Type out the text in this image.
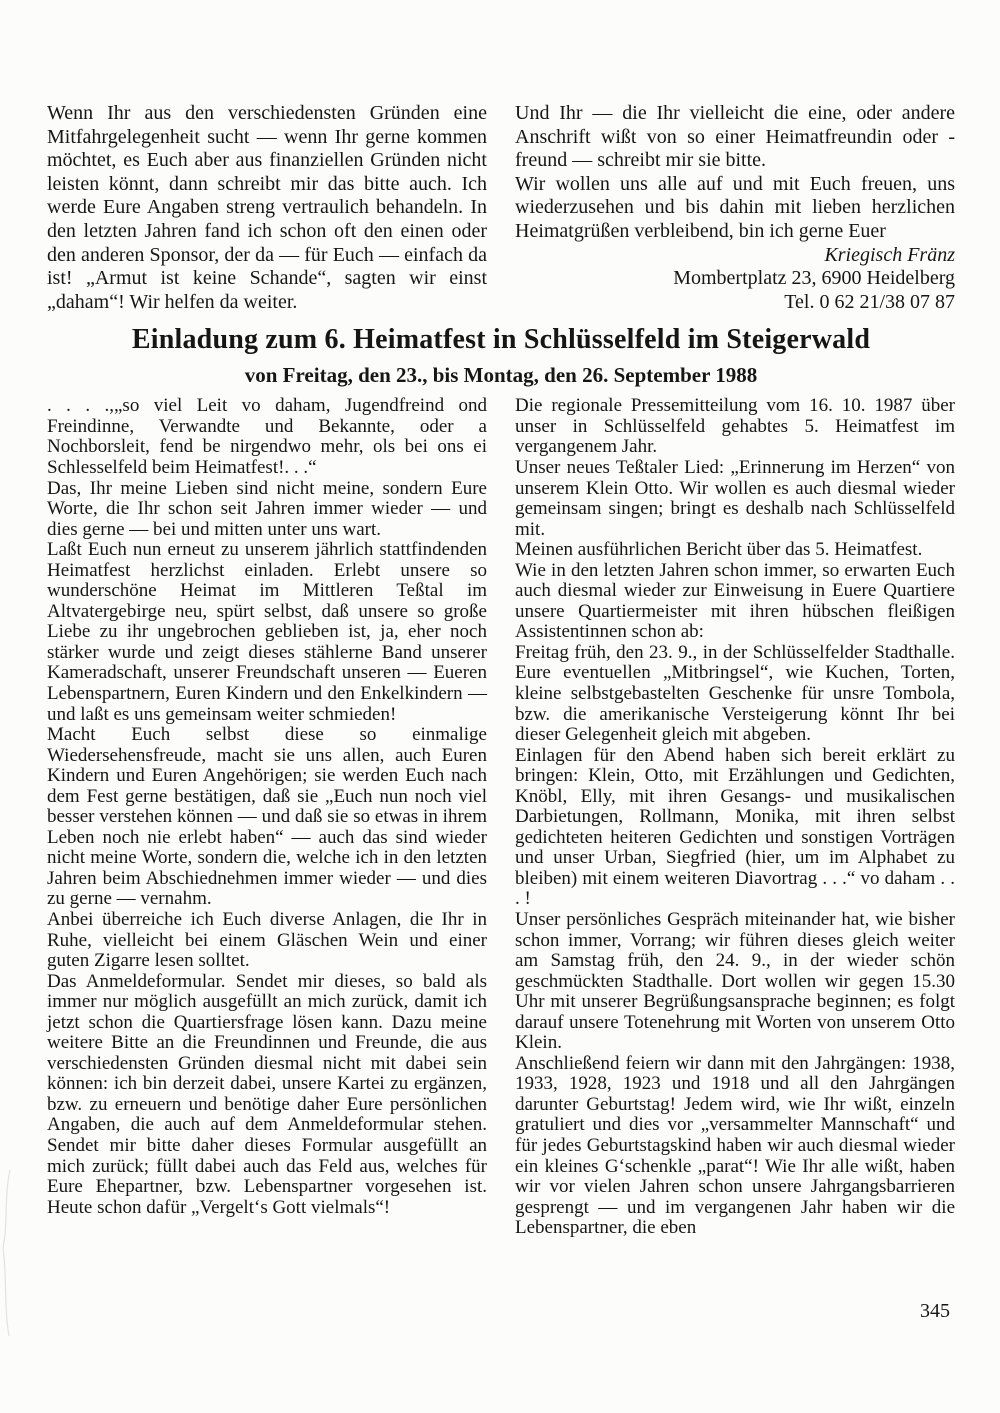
Wenn Ihr aus den verschiedensten Gründen eine Mitfahrgelegenheit sucht — wenn Ihr gerne kommen möchtet, es Euch aber aus finanziellen Gründen nicht leisten könnt, dann schreibt mir das bitte auch. Ich werde Eure Angaben streng vertraulich behandeln. In den letzten Jahren fand ich schon oft den einen oder den anderen Sponsor, der da — für Euch — einfach da ist! „Armut ist keine Schande“, sagten wir einst „daham“! Wir helfen da weiter.

Und Ihr — die Ihr vielleicht die eine, oder andere Anschrift wißt von so einer Heimatfreundin oder -freund — schreibt mir sie bitte.

Wir wollen uns alle auf und mit Euch freuen, uns wiederzusehen und bis dahin mit lieben herzlichen Heimatgrüßen verbleibend, bin ich gerne Euer

Kriegisch Fränz
Mombertplatz 23, 6900 Heidelberg
Tel. 0 62 21/38 07 87
Einladung zum 6. Heimatfest in Schlüsselfeld im Steigerwald
von Freitag, den 23., bis Montag, den 26. September 1988

. . . .,„so viel Leit vo daham, Jugendfreind ond Freindinne, Verwandte und Bekannte, oder a Nochborsleit, fend be nirgendwo mehr, ols bei ons ei Schlesselfeld beim Heimatfest!. . .“

Das, Ihr meine Lieben sind nicht meine, sondern Eure Worte, die Ihr schon seit Jahren immer wieder — und dies gerne — bei und mitten unter uns wart.

Laßt Euch nun erneut zu unserem jährlich stattfindenden Heimatfest herzlichst einladen. Erlebt unsere so wunderschöne Heimat im Mittleren Teßtal im Altvatergebirge neu, spürt selbst, daß unsere so große Liebe zu ihr ungebrochen geblieben ist, ja, eher noch stärker wurde und zeigt dieses stählerne Band unserer Kameradschaft, unserer Freundschaft unseren — Eueren Lebenspartnern, Euren Kindern und den Enkelkindern — und laßt es uns gemeinsam weiter schmieden!

Macht Euch selbst diese so einmalige Wiedersehensfreude, macht sie uns allen, auch Euren Kindern und Euren Angehörigen; sie werden Euch nach dem Fest gerne bestätigen, daß sie „Euch nun noch viel besser verstehen können — und daß sie so etwas in ihrem Leben noch nie erlebt haben“ — auch das sind wieder nicht meine Worte, sondern die, welche ich in den letzten Jahren beim Abschiednehmen immer wieder — und dies zu gerne — vernahm.

Anbei überreiche ich Euch diverse Anlagen, die Ihr in Ruhe, vielleicht bei einem Gläschen Wein und einer guten Zigarre lesen solltet.

Das Anmeldeformular. Sendet mir dieses, so bald als immer nur möglich ausgefüllt an mich zurück, damit ich jetzt schon die Quartiersfrage lösen kann. Dazu meine weitere Bitte an die Freundinnen und Freunde, die aus verschiedensten Gründen diesmal nicht mit dabei sein können: ich bin derzeit dabei, unsere Kartei zu ergänzen, bzw. zu erneuern und benötige daher Eure persönlichen Angaben, die auch auf dem Anmeldeformular stehen. Sendet mir bitte daher dieses Formular ausgefüllt an mich zurück; füllt dabei auch das Feld aus, welches für Eure Ehepartner, bzw. Lebenspartner vorgesehen ist. Heute schon dafür „Vergelt‘s Gott vielmals“!

Die regionale Pressemitteilung vom 16. 10. 1987 über unser in Schlüsselfeld gehabtes 5. Heimatfest im vergangenem Jahr.

Unser neues Teßtaler Lied: „Erinnerung im Herzen“ von unserem Klein Otto. Wir wollen es auch diesmal wieder gemeinsam singen; bringt es deshalb nach Schlüsselfeld mit.

Meinen ausführlichen Bericht über das 5. Heimatfest.

Wie in den letzten Jahren schon immer, so erwarten Euch auch diesmal wieder zur Einweisung in Euere Quartiere unsere Quartiermeister mit ihren hübschen fleißigen Assistentinnen schon ab:

Freitag früh, den 23. 9., in der Schlüsselfelder Stadthalle. Eure eventuellen „Mitbringsel“, wie Kuchen, Torten, kleine selbstgebastelten Geschenke für unsre Tombola, bzw. die amerikanische Versteigerung könnt Ihr bei dieser Gelegenheit gleich mit abgeben.

Einlagen für den Abend haben sich bereit erklärt zu bringen: Klein, Otto, mit Erzählungen und Gedichten, Knöbl, Elly, mit ihren Gesangs- und musikalischen Darbietungen, Rollmann, Monika, mit ihren selbst gedichteten heiteren Gedichten und sonstigen Vorträgen und unser Urban, Siegfried (hier, um im Alphabet zu bleiben) mit einem weiteren Diavortrag . . .“ vo daham . . . !

Unser persönliches Gespräch miteinander hat, wie bisher schon immer, Vorrang; wir führen dieses gleich weiter am Samstag früh, den 24. 9., in der wieder schön geschmückten Stadthalle. Dort wollen wir gegen 15.30 Uhr mit unserer Begrüßungsansprache beginnen; es folgt darauf unsere Totenehrung mit Worten von unserem Otto Klein.

Anschließend feiern wir dann mit den Jahrgängen: 1938, 1933, 1928, 1923 und 1918 und all den Jahrgängen darunter Geburtstag! Jedem wird, wie Ihr wißt, einzeln gratuliert und dies vor „versammelter Mannschaft“ und für jedes Geburtstagskind haben wir auch diesmal wieder ein kleines G‘schenkle „parat“! Wie Ihr alle wißt, haben wir vor vielen Jahren schon unsere Jahrgangsbarrieren gesprengt — und im vergangenen Jahr haben wir die Lebenspartner, die eben

345
